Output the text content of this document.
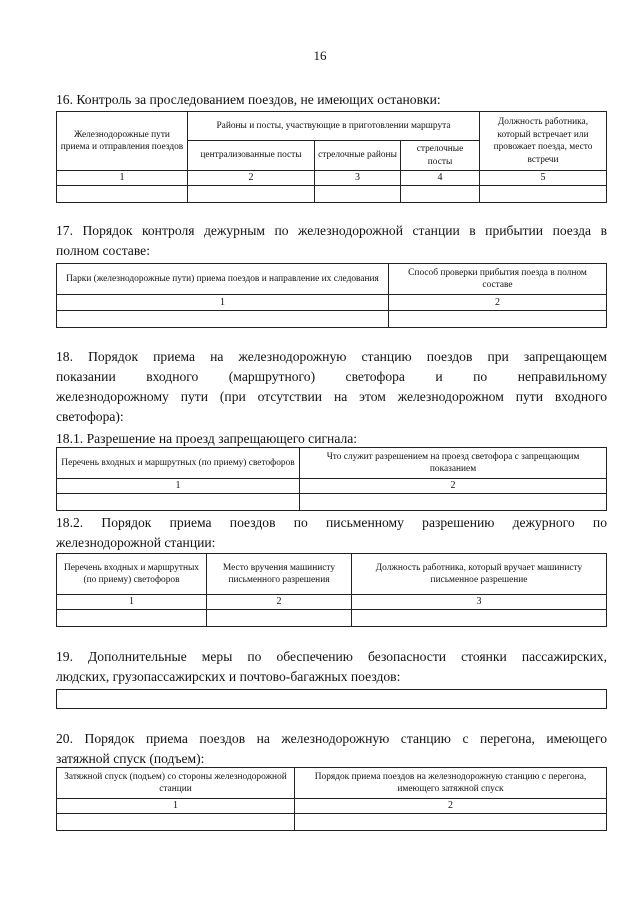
16
16. Контроль за проследованием поездов, не имеющих остановки:
Железнодорожные пути приема и отправления поездов	Районы и посты, участвующие в приготовлении маршрута			Должность работника, который встречает или провожает поезда, место встречи
	централизованные посты	стрелочные районы	стрелочные посты	
1	2	3	4	5

17. Порядок контроля дежурным по железнодорожной станции в прибытии поезда в
полном составе:
Парки (железнодорожные пути) приема поездов и направление их следования	Способ проверки прибытия поезда в полном составе
1	2

18. Порядок приема на железнодорожную станцию поездов при запрещающем
показании входного (маршрутного) светофора и по неправильному
железнодорожному пути (при отсутствии на этом железнодорожном пути входного
светофора):
18.1. Разрешение на проезд запрещающего сигнала:
Перечень входных и маршрутных (по приему) светофоров	Что служит разрешением на проезд светофора с запрещающим показанием
1	2

18.2. Порядок приема поездов по письменному разрешению дежурного по
железнодорожной станции:
Перечень входных и маршрутных (по приему) светофоров	Место вручения машинисту письменного разрешения	Должность работника, который вручает машинисту письменное разрешение
1	2	3

19. Дополнительные меры по обеспечению безопасности стоянки пассажирских,
людских, грузопассажирских и почтово-багажных поездов:
20. Порядок приема поездов на железнодорожную станцию с перегона, имеющего
затяжной спуск (подъем):
Затяжной спуск (подъем) со стороны железнодорожной станции	Порядок приема поездов на железнодорожную станцию с перегона, имеющего затяжной спуск
1	2
